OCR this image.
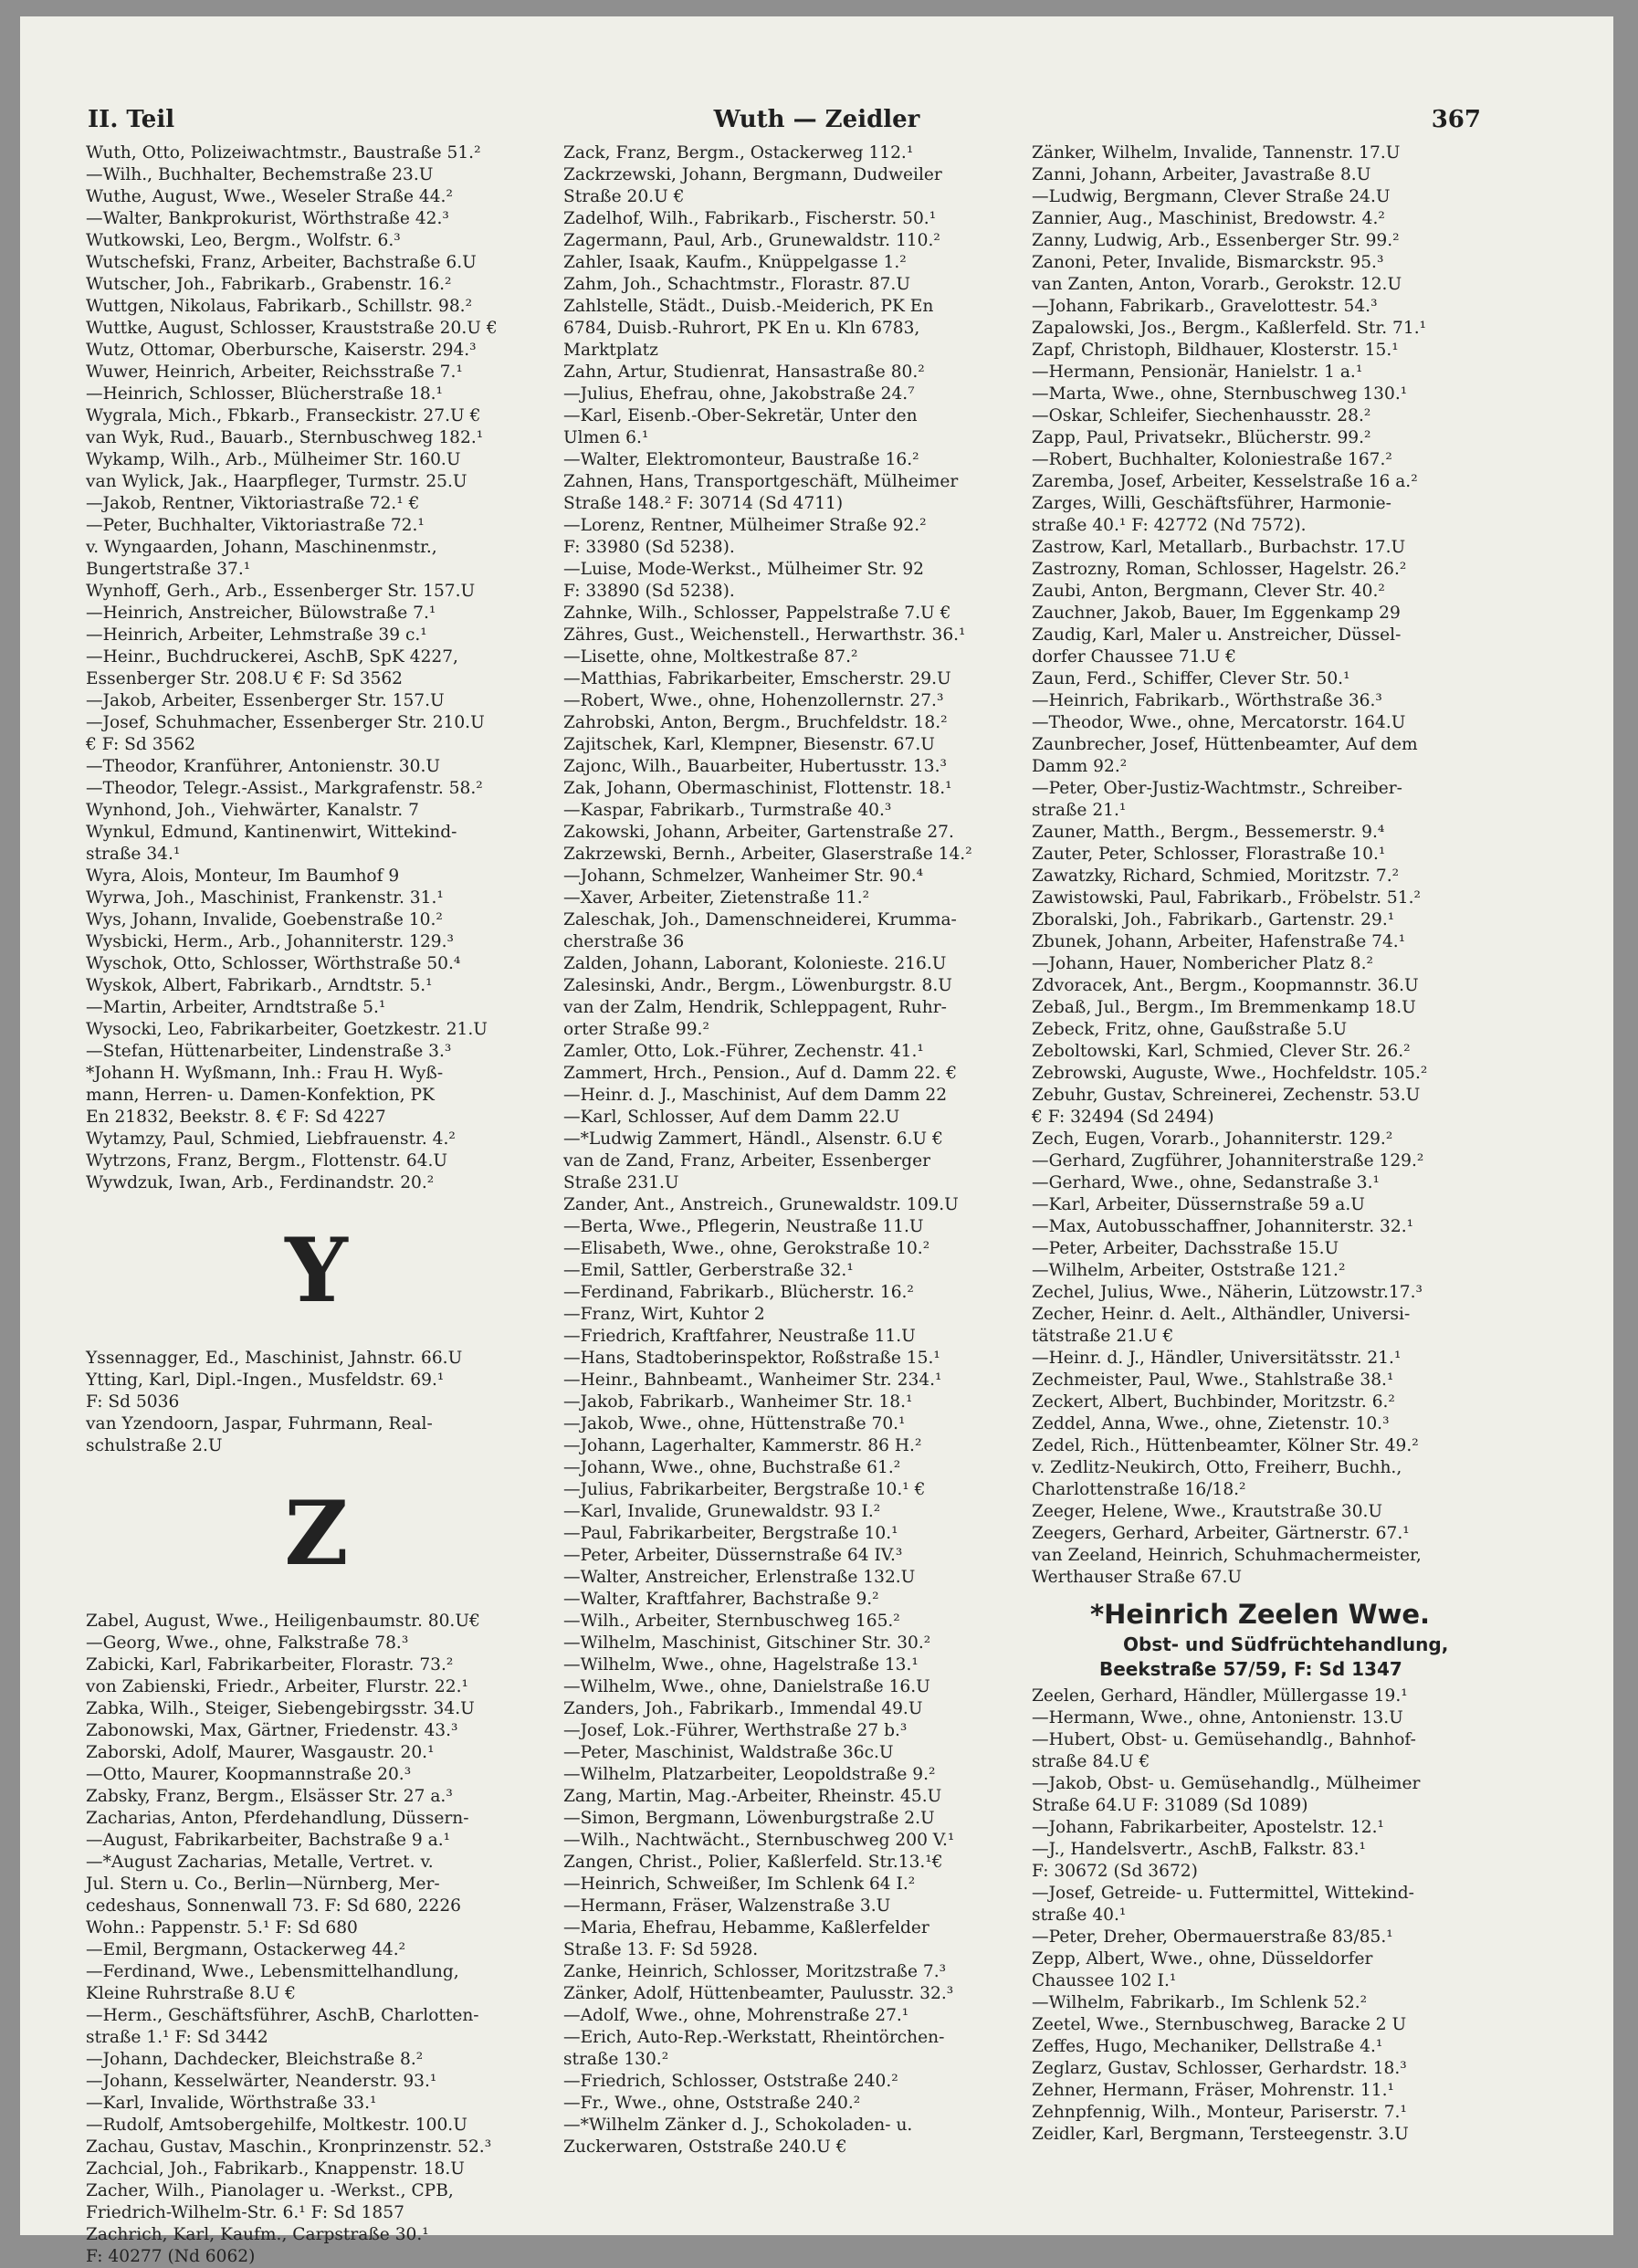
II. Teil	Wuth — Zeidler	367
Wuth, Otto, Polizeiwachtmstr., Baustraße 51.²
—Wilh., Buchhalter, Bechemstraße 23.U
Wuthe, August, Wwe., Weseler Straße 44.²
—Walter, Bankprokurist, Wörthstraße 42.³
Wutkowski, Leo, Bergm., Wolfstr. 6.³
Wutschefski, Franz, Arbeiter, Bachstraße 6.U
Wutscher, Joh., Fabrikarb., Grabenstr. 16.²
Wuttgen, Nikolaus, Fabrikarb., Schillstr. 98.²
Wuttke, August, Schlosser, Krauststraße 20.U €
Wutz, Ottomar, Oberbursche, Kaiserstr. 294.³
Wuwer, Heinrich, Arbeiter, Reichsstraße 7.¹
—Heinrich, Schlosser, Blücherstraße 18.¹
Wygrala, Mich., Fbkarb., Franseckistr. 27.U €
van Wyk, Rud., Bauarb., Sternbuschweg 182.¹
Wykamp, Wilh., Arb., Mülheimer Str. 160.U
van Wylick, Jak., Haarpfleger, Turmstr. 25.U
—Jakob, Rentner, Viktoriastraße 72.¹ €
—Peter, Buchhalter, Viktoriastraße 72.¹
v. Wyngaarden, Johann, Maschinenmstr.,
Bungertstraße 37.¹
Wynhoff, Gerh., Arb., Essenberger Str. 157.U
—Heinrich, Anstreicher, Bülowstraße 7.¹
—Heinrich, Arbeiter, Lehmstraße 39 c.¹
—Heinr., Buchdruckerei, AschB, SpK 4227,
Essenberger Str. 208.U € F: Sd 3562
—Jakob, Arbeiter, Essenberger Str. 157.U
—Josef, Schuhmacher, Essenberger Str. 210.U
€ F: Sd 3562
—Theodor, Kranführer, Antonienstr. 30.U
—Theodor, Telegr.-Assist., Markgrafenstr. 58.²
Wynhond, Joh., Viehwärter, Kanalstr. 7
Wynkul, Edmund, Kantinenwirt, Wittekind-
straße 34.¹
Wyra, Alois, Monteur, Im Baumhof 9
Wyrwa, Joh., Maschinist, Frankenstr. 31.¹
Wys, Johann, Invalide, Goebenstraße 10.²
Wysbicki, Herm., Arb., Johanniterstr. 129.³
Wyschok, Otto, Schlosser, Wörthstraße 50.⁴
Wyskok, Albert, Fabrikarb., Arndtstr. 5.¹
—Martin, Arbeiter, Arndtstraße 5.¹
Wysocki, Leo, Fabrikarbeiter, Goetzkestr. 21.U
—Stefan, Hüttenarbeiter, Lindenstraße 3.³
*Johann H. Wyßmann, Inh.: Frau H. Wyß-
mann, Herren- u. Damen-Konfektion, PK
En 21832, Beekstr. 8. € F: Sd 4227
Wytamzy, Paul, Schmied, Liebfrauenstr. 4.²
Wytrzons, Franz, Bergm., Flottenstr. 64.U
Wywdzuk, Iwan, Arb., Ferdinandstr. 20.²
Y
Yssennagger, Ed., Maschinist, Jahnstr. 66.U
Ytting, Karl, Dipl.-Ingen., Musfeldstr. 69.¹
F: Sd 5036
van Yzendoorn, Jaspar, Fuhrmann, Real-
schulstraße 2.U
Z
Zabel, August, Wwe., Heiligenbaumstr. 80.U€
—Georg, Wwe., ohne, Falkstraße 78.³
Zabicki, Karl, Fabrikarbeiter, Florastr. 73.²
von Zabienski, Friedr., Arbeiter, Flurstr. 22.¹
Zabka, Wilh., Steiger, Siebengebirgsstr. 34.U
Zabonowski, Max, Gärtner, Friedenstr. 43.³
Zaborski, Adolf, Maurer, Wasgaustr. 20.¹
—Otto, Maurer, Koopmannstraße 20.³
Zabsky, Franz, Bergm., Elsässer Str. 27 a.³
Zacharias, Anton, Pferdehandlung, Düssern-
—August, Fabrikarbeiter, Bachstraße 9 a.¹
—*August Zacharias, Metalle, Vertret. v.
Jul. Stern u. Co., Berlin—Nürnberg, Mer-
cedeshaus, Sonnenwall 73. F: Sd 680, 2226
Wohn.: Pappenstr. 5.¹ F: Sd 680
—Emil, Bergmann, Ostackerweg 44.²
—Ferdinand, Wwe., Lebensmittelhandlung,
Kleine Ruhrstraße 8.U €
—Herm., Geschäftsführer, AschB, Charlotten-
straße 1.¹ F: Sd 3442
—Johann, Dachdecker, Bleichstraße 8.²
—Johann, Kesselwärter, Neanderstr. 93.¹
—Karl, Invalide, Wörthstraße 33.¹
—Rudolf, Amtsobergehilfe, Moltkestr. 100.U
Zachau, Gustav, Maschin., Kronprinzenstr. 52.³
Zachcial, Joh., Fabrikarb., Knappenstr. 18.U
Zacher, Wilh., Pianolager u. -Werkst., CPB,
Friedrich-Wilhelm-Str. 6.¹ F: Sd 1857
Zachrich, Karl, Kaufm., Carpstraße 30.¹
F: 40277 (Nd 6062)
Zack, Franz, Bergm., Ostackerweg 112.¹
Zackrzewski, Johann, Bergmann, Dudweiler
Straße 20.U €
Zadelhof, Wilh., Fabrikarb., Fischerstr. 50.¹
Zagermann, Paul, Arb., Grunewaldstr. 110.²
Zahler, Isaak, Kaufm., Knüppelgasse 1.²
Zahm, Joh., Schachtmstr., Florastr. 87.U
Zahlstelle, Städt., Duisb.-Meiderich, PK En
6784, Duisb.-Ruhrort, PK En u. Kln 6783,
Marktplatz
Zahn, Artur, Studienrat, Hansastraße 80.²
—Julius, Ehefrau, ohne, Jakobstraße 24.⁷
—Karl, Eisenb.-Ober-Sekretär, Unter den
Ulmen 6.¹
—Walter, Elektromonteur, Baustraße 16.²
Zahnen, Hans, Transportgeschäft, Mülheimer
Straße 148.² F: 30714 (Sd 4711)
—Lorenz, Rentner, Mülheimer Straße 92.²
F: 33980 (Sd 5238).
—Luise, Mode-Werkst., Mülheimer Str. 92
F: 33890 (Sd 5238).
Zahnke, Wilh., Schlosser, Pappelstraße 7.U €
Zähres, Gust., Weichenstell., Herwarthstr. 36.¹
—Lisette, ohne, Moltkestraße 87.²
—Matthias, Fabrikarbeiter, Emscherstr. 29.U
—Robert, Wwe., ohne, Hohenzollernstr. 27.³
Zahrobski, Anton, Bergm., Bruchfeldstr. 18.²
Zajitschek, Karl, Klempner, Biesenstr. 67.U
Zajonc, Wilh., Bauarbeiter, Hubertusstr. 13.³
Zak, Johann, Obermaschinist, Flottenstr. 18.¹
—Kaspar, Fabrikarb., Turmstraße 40.³
Zakowski, Johann, Arbeiter, Gartenstraße 27.
Zakrzewski, Bernh., Arbeiter, Glaserstraße 14.²
—Johann, Schmelzer, Wanheimer Str. 90.⁴
—Xaver, Arbeiter, Zietenstraße 11.²
Zaleschak, Joh., Damenschneiderei, Krumma-
cherstraße 36
Zalden, Johann, Laborant, Kolonieste. 216.U
Zalesinski, Andr., Bergm., Löwenburgstr. 8.U
van der Zalm, Hendrik, Schleppagent, Ruhr-
orter Straße 99.²
Zamler, Otto, Lok.-Führer, Zechenstr. 41.¹
Zammert, Hrch., Pension., Auf d. Damm 22. €
—Heinr. d. J., Maschinist, Auf dem Damm 22
—Karl, Schlosser, Auf dem Damm 22.U
—*Ludwig Zammert, Händl., Alsenstr. 6.U €
van de Zand, Franz, Arbeiter, Essenberger
Straße 231.U
Zander, Ant., Anstreich., Grunewaldstr. 109.U
—Berta, Wwe., Pflegerin, Neustraße 11.U
—Elisabeth, Wwe., ohne, Gerokstraße 10.²
—Emil, Sattler, Gerberstraße 32.¹
—Ferdinand, Fabrikarb., Blücherstr. 16.²
—Franz, Wirt, Kuhtor 2
—Friedrich, Kraftfahrer, Neustraße 11.U
—Hans, Stadtoberinspektor, Roßstraße 15.¹
—Heinr., Bahnbeamt., Wanheimer Str. 234.¹
—Jakob, Fabrikarb., Wanheimer Str. 18.¹
—Jakob, Wwe., ohne, Hüttenstraße 70.¹
—Johann, Lagerhalter, Kammerstr. 86 H.²
—Johann, Wwe., ohne, Buchstraße 61.²
—Julius, Fabrikarbeiter, Bergstraße 10.¹ €
—Karl, Invalide, Grunewaldstr. 93 I.²
—Paul, Fabrikarbeiter, Bergstraße 10.¹
—Peter, Arbeiter, Düssernstraße 64 IV.³
—Walter, Anstreicher, Erlenstraße 132.U
—Walter, Kraftfahrer, Bachstraße 9.²
—Wilh., Arbeiter, Sternbuschweg 165.²
—Wilhelm, Maschinist, Gitschiner Str. 30.²
—Wilhelm, Wwe., ohne, Hagelstraße 13.¹
—Wilhelm, Wwe., ohne, Danielstraße 16.U
Zanders, Joh., Fabrikarb., Immendal 49.U
—Josef, Lok.-Führer, Werthstraße 27 b.³
—Peter, Maschinist, Waldstraße 36c.U
—Wilhelm, Platzarbeiter, Leopoldstraße 9.²
Zang, Martin, Mag.-Arbeiter, Rheinstr. 45.U
—Simon, Bergmann, Löwenburgstraße 2.U
—Wilh., Nachtwächt., Sternbuschweg 200 V.¹
Zangen, Christ., Polier, Kaßlerfeld. Str.13.¹€
—Heinrich, Schweißer, Im Schlenk 64 I.²
—Hermann, Fräser, Walzenstraße 3.U
—Maria, Ehefrau, Hebamme, Kaßlerfelder
Straße 13. F: Sd 5928.
Zanke, Heinrich, Schlosser, Moritzstraße 7.³
Zänker, Adolf, Hüttenbeamter, Paulusstr. 32.³
—Adolf, Wwe., ohne, Mohrenstraße 27.¹
—Erich, Auto-Rep.-Werkstatt, Rheintörchen-
straße 130.²
—Friedrich, Schlosser, Oststraße 240.²
—Fr., Wwe., ohne, Oststraße 240.²
—*Wilhelm Zänker d. J., Schokoladen- u.
Zuckerwaren, Oststraße 240.U €
Zänker, Wilhelm, Invalide, Tannenstr. 17.U
Zanni, Johann, Arbeiter, Javastraße 8.U
—Ludwig, Bergmann, Clever Straße 24.U
Zannier, Aug., Maschinist, Bredowstr. 4.²
Zanny, Ludwig, Arb., Essenberger Str. 99.²
Zanoni, Peter, Invalide, Bismarckstr. 95.³
van Zanten, Anton, Vorarb., Gerokstr. 12.U
—Johann, Fabrikarb., Gravelottestr. 54.³
Zapalowski, Jos., Bergm., Kaßlerfeld. Str. 71.¹
Zapf, Christoph, Bildhauer, Klosterstr. 15.¹
—Hermann, Pensionär, Hanielstr. 1 a.¹
—Marta, Wwe., ohne, Sternbuschweg 130.¹
—Oskar, Schleifer, Siechenhausstr. 28.²
Zapp, Paul, Privatsekr., Blücherstr. 99.²
—Robert, Buchhalter, Koloniestraße 167.²
Zaremba, Josef, Arbeiter, Kesselstraße 16 a.²
Zarges, Willi, Geschäftsführer, Harmonie-
straße 40.¹ F: 42772 (Nd 7572).
Zastrow, Karl, Metallarb., Burbachstr. 17.U
Zastrozny, Roman, Schlosser, Hagelstr. 26.²
Zaubi, Anton, Bergmann, Clever Str. 40.²
Zauchner, Jakob, Bauer, Im Eggenkamp 29
Zaudig, Karl, Maler u. Anstreicher, Düssel-
dorfer Chaussee 71.U €
Zaun, Ferd., Schiffer, Clever Str. 50.¹
—Heinrich, Fabrikarb., Wörthstraße 36.³
—Theodor, Wwe., ohne, Mercatorstr. 164.U
Zaunbrecher, Josef, Hüttenbeamter, Auf dem
Damm 92.²
—Peter, Ober-Justiz-Wachtmstr., Schreiber-
straße 21.¹
Zauner, Matth., Bergm., Bessemerstr. 9.⁴
Zauter, Peter, Schlosser, Florastraße 10.¹
Zawatzky, Richard, Schmied, Moritzstr. 7.²
Zawistowski, Paul, Fabrikarb., Fröbelstr. 51.²
Zboralski, Joh., Fabrikarb., Gartenstr. 29.¹
Zbunek, Johann, Arbeiter, Hafenstraße 74.¹
—Johann, Hauer, Nombericher Platz 8.²
Zdvoracek, Ant., Bergm., Koopmannstr. 36.U
Zebaß, Jul., Bergm., Im Bremmenkamp 18.U
Zebeck, Fritz, ohne, Gaußstraße 5.U
Zeboltowski, Karl, Schmied, Clever Str. 26.²
Zebrowski, Auguste, Wwe., Hochfeldstr. 105.²
Zebuhr, Gustav, Schreinerei, Zechenstr. 53.U
€ F: 32494 (Sd 2494)
Zech, Eugen, Vorarb., Johanniterstr. 129.²
—Gerhard, Zugführer, Johanniterstraße 129.²
—Gerhard, Wwe., ohne, Sedanstraße 3.¹
—Karl, Arbeiter, Düssernstraße 59 a.U
—Max, Autobusschaffner, Johanniterstr. 32.¹
—Peter, Arbeiter, Dachsstraße 15.U
—Wilhelm, Arbeiter, Oststraße 121.²
Zechel, Julius, Wwe., Näherin, Lützowstr.17.³
Zecher, Heinr. d. Aelt., Althändler, Universi-
tätstraße 21.U €
—Heinr. d. J., Händler, Universitätsstr. 21.¹
Zechmeister, Paul, Wwe., Stahlstraße 38.¹
Zeckert, Albert, Buchbinder, Moritzstr. 6.²
Zeddel, Anna, Wwe., ohne, Zietenstr. 10.³
Zedel, Rich., Hüttenbeamter, Kölner Str. 49.²
v. Zedlitz-Neukirch, Otto, Freiherr, Buchh.,
Charlottenstraße 16/18.²
Zeeger, Helene, Wwe., Krautstraße 30.U
Zeegers, Gerhard, Arbeiter, Gärtnerstr. 67.¹
van Zeeland, Heinrich, Schuhmachermeister,
Werthauser Straße 67.U
*Heinrich Zeelen Wwe.
Obst- und Südfrüchtehandlung,
Beekstraße 57/59, F: Sd 1347
Zeelen, Gerhard, Händler, Müllergasse 19.¹
—Hermann, Wwe., ohne, Antonienstr. 13.U
—Hubert, Obst- u. Gemüsehandlg., Bahnhof-
straße 84.U €
—Jakob, Obst- u. Gemüsehandlg., Mülheimer
Straße 64.U F: 31089 (Sd 1089)
—Johann, Fabrikarbeiter, Apostelstr. 12.¹
—J., Handelsvertr., AschB, Falkstr. 83.¹
F: 30672 (Sd 3672)
—Josef, Getreide- u. Futtermittel, Wittekind-
straße 40.¹
—Peter, Dreher, Obermauerstraße 83/85.¹
Zepp, Albert, Wwe., ohne, Düsseldorfer
Chaussee 102 I.¹
—Wilhelm, Fabrikarb., Im Schlenk 52.²
Zeetel, Wwe., Sternbuschweg, Baracke 2 U
Zeffes, Hugo, Mechaniker, Dellstraße 4.¹
Zeglarz, Gustav, Schlosser, Gerhardstr. 18.³
Zehner, Hermann, Fräser, Mohrenstr. 11.¹
Zehnpfennig, Wilh., Monteur, Pariserstr. 7.¹
Zeidler, Karl, Bergmann, Tersteegenstr. 3.U
